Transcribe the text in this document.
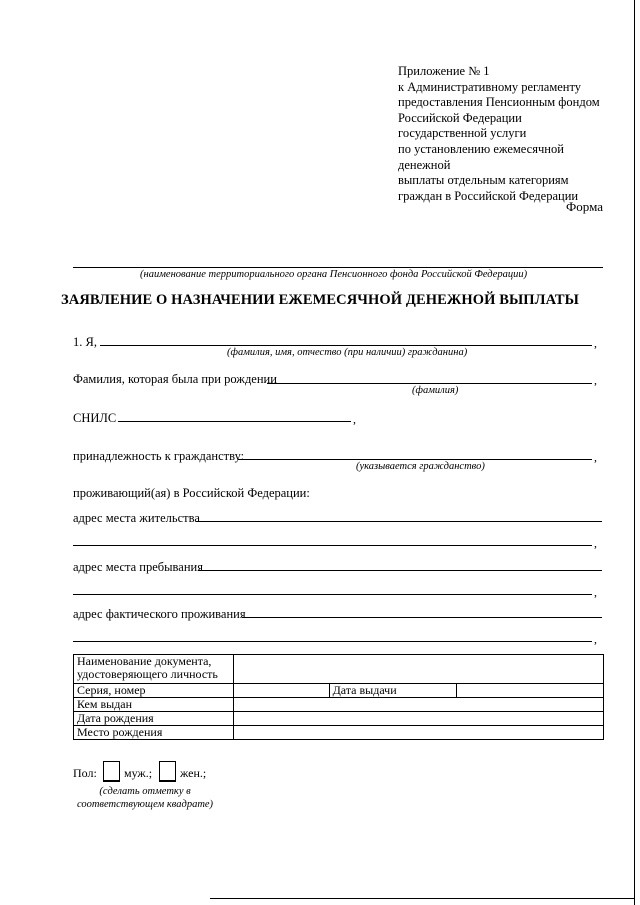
Приложение № 1
к Административному регламенту
предоставления Пенсионным фондом
Российской Федерации
государственной услуги
по установлению ежемесячной
денежной
выплаты отдельным категориям
граждан в Российской Федерации
Форма
(наименование территориального органа Пенсионного фонда Российской Федерации)
ЗАЯВЛЕНИЕ О НАЗНАЧЕНИИ ЕЖЕМЕСЯЧНОЙ ДЕНЕЖНОЙ ВЫПЛАТЫ
1. Я,	,
(фамилия, имя, отчество (при наличии) гражданина)
Фамилия, которая была при рождении	,
(фамилия)
СНИЛС	,
принадлежность к гражданству:	,
(указывается гражданство)
проживающий(ая) в Российской Федерации:
адрес места жительства
,
адрес места пребывания
,
адрес фактического проживания
,
Наименование документа, удостоверяющего личность			
Серия, номер		Дата выдачи	
Кем выдан			
Дата рождения			
Место рождения			
Пол: муж.; жен.;
(сделать отметку в соответствующем квадрате)
